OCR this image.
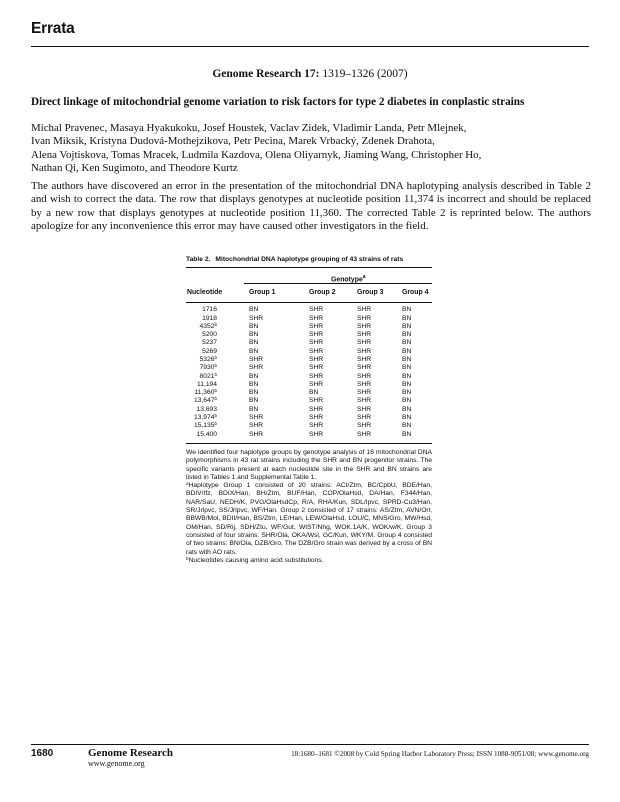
Errata
Genome Research 17: 1319–1326 (2007)
Direct linkage of mitochondrial genome variation to risk factors for type 2 diabetes in conplastic strains
Michal Pravenec, Masaya Hyakukoku, Josef Houstek, Vaclav Zidek, Vladimir Landa, Petr Mlejnek,
Ivan Miksik, Kristyna Dudová-Mothejzikova, Petr Pecina, Marek Vrbacký, Zdenek Drahota,
Alena Vojtiskova, Tomas Mracek, Ludmila Kazdova, Olena Oliyarnyk, Jiaming Wang, Christopher Ho,
Nathan Qi, Ken Sugimoto, and Theodore Kurtz
The authors have discovered an error in the presentation of the mitochondrial DNA haplotyping analysis described in Table 2 and wish to correct the data. The row that displays genotypes at nucleotide position 11,374 is incorrect and should be replaced by a new row that displays genotypes at nucleotide position 11,360. The corrected Table 2 is reprinted below. The authors apologize for any inconvenience this error may have caused other investigators in the field.
Table 2. Mitochondrial DNA haplotype grouping of 43 strains of rats
Genotype$^a$
Nucleotide	Group 1	Group 2	Group 3	Group 4
1716	BN	SHR	SHR	BN
1918	SHR	SHR	SHR	BN
4352$^b$	BN	SHR	SHR	BN
5200	BN	SHR	SHR	BN
5237	BN	SHR	SHR	BN
5269	BN	SHR	SHR	BN
5326$^b$	SHR	SHR	SHR	BN
7930$^b$	SHR	SHR	SHR	BN
8021$^b$	BN	SHR	SHR	BN
11,194	BN	SHR	SHR	BN
11,360$^b$	BN	BN	SHR	BN
13,647$^b$	BN	SHR	SHR	BN
13,693	BN	SHR	SHR	BN
13,974$^b$	SHR	SHR	SHR	BN
15,135$^b$	SHR	SHR	SHR	BN
15,400	SHR	SHR	SHR	BN

We identified four haplotype groups by genotype analysis of 16 mitochondrial DNA polymorphisms in 43 rat strains including the SHR and BN progenitor strains. The specific variants present at each nucleotide site in the SHR and BN strains are listed in Tables 1 and Supplemental Table 1.

$^a$Haplotype Group 1 consisted of 20 strains: ACI/Ztm, BC/CpbU, BDE/Han, BDIV/Ifz, BDIX/Han, BH/Ztm, BUF/Han, COP/OlaHsd, DA/Han, F344/Han, NAR/SaU, NEDH/K, PVG/OlaHsdCp, R/A, RHA/Kun, SDL/Ipvc, SPRD-Cu3/Han, SR/Jrlpvc, SS/Jrlpvc, WF/Han. Group 2 consisted of 17 strains: AS/Ztm, AVN/Orl, BBWB/Mol, BDII/Han, BS/Ztm, LE/Han, LEW/OlaHsd, LOU/C, MNS/Gro, MW/Hsd, OM/Han, SD/Rij, SDH/Ztu, WF/Gut, WIST/Nhg, WOK.1A/K, WOK/w/K. Group 3 consisted of four strains: SHR/Ola, OKA/Wsl, GC/Kun, WKY/M. Group 4 consisted of two strains: BN/Ola, DZB/Gro. The DZB/Gro strain was derived by a cross of BN rats with AO rats.

$^b$Nucleotides causing amino acid substitutions.

1680	Genome Research
www.genome.org
18:1680–1681 ©2008 by Cold Spring Harbor Laboratory Press; ISSN 1088-9051/08; www.genome.org
